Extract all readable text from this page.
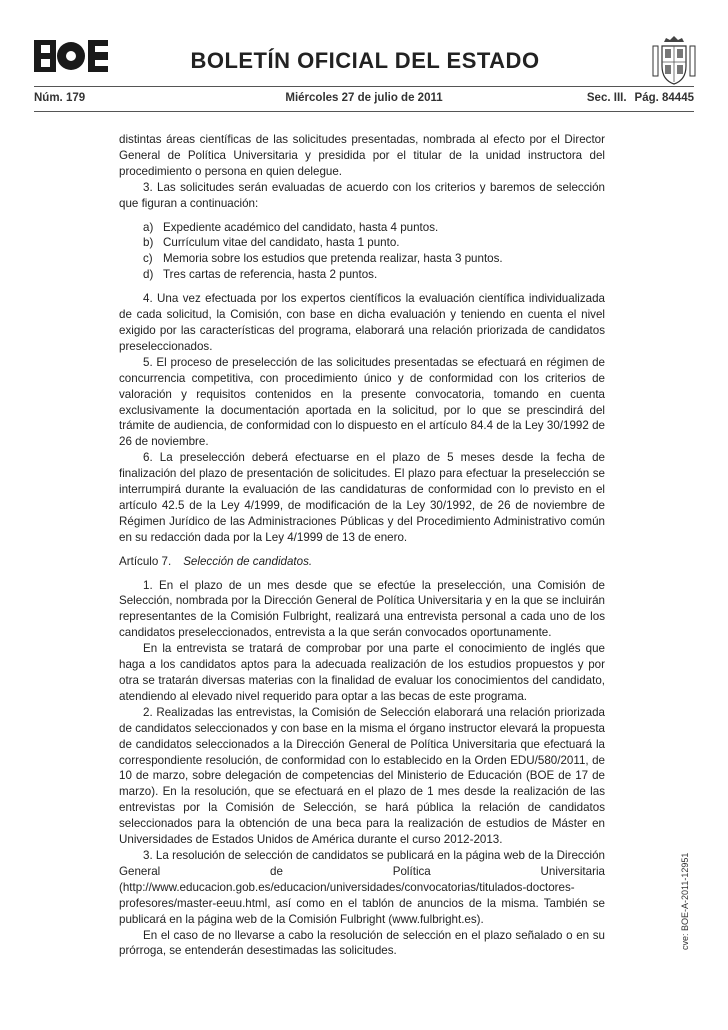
BOLETÍN OFICIAL DEL ESTADO
Núm. 179	Miércoles 27 de julio de 2011	Sec. III. Pág. 84445

distintas áreas científicas de las solicitudes presentadas, nombrada al efecto por el Director General de Política Universitaria y presidida por el titular de la unidad instructora del procedimiento o persona en quien delegue.

3. Las solicitudes serán evaluadas de acuerdo con los criterios y baremos de selección que figuran a continuación:

a) Expediente académico del candidato, hasta 4 puntos.
b) Currículum vitae del candidato, hasta 1 punto.
c) Memoria sobre los estudios que pretenda realizar, hasta 3 puntos.
d) Tres cartas de referencia, hasta 2 puntos.

4. Una vez efectuada por los expertos científicos la evaluación científica individualizada de cada solicitud, la Comisión, con base en dicha evaluación y teniendo en cuenta el nivel exigido por las características del programa, elaborará una relación priorizada de candidatos preseleccionados.

5. El proceso de preselección de las solicitudes presentadas se efectuará en régimen de concurrencia competitiva, con procedimiento único y de conformidad con los criterios de valoración y requisitos contenidos en la presente convocatoria, tomando en cuenta exclusivamente la documentación aportada en la solicitud, por lo que se prescindirá del trámite de audiencia, de conformidad con lo dispuesto en el artículo 84.4 de la Ley 30/1992 de 26 de noviembre.

6. La preselección deberá efectuarse en el plazo de 5 meses desde la fecha de finalización del plazo de presentación de solicitudes. El plazo para efectuar la preselección se interrumpirá durante la evaluación de las candidaturas de conformidad con lo previsto en el artículo 42.5 de la Ley 4/1999, de modificación de la Ley 30/1992, de 26 de noviembre de Régimen Jurídico de las Administraciones Públicas y del Procedimiento Administrativo común en su redacción dada por la Ley 4/1999 de 13 de enero.

Artículo 7. Selección de candidatos.

1. En el plazo de un mes desde que se efectúe la preselección, una Comisión de Selección, nombrada por la Dirección General de Política Universitaria y en la que se incluirán representantes de la Comisión Fulbright, realizará una entrevista personal a cada uno de los candidatos preseleccionados, entrevista a la que serán convocados oportunamente.

En la entrevista se tratará de comprobar por una parte el conocimiento de inglés que haga a los candidatos aptos para la adecuada realización de los estudios propuestos y por otra se tratarán diversas materias con la finalidad de evaluar los conocimientos del candidato, atendiendo al elevado nivel requerido para optar a las becas de este programa.

2. Realizadas las entrevistas, la Comisión de Selección elaborará una relación priorizada de candidatos seleccionados y con base en la misma el órgano instructor elevará la propuesta de candidatos seleccionados a la Dirección General de Política Universitaria que efectuará la correspondiente resolución, de conformidad con lo establecido en la Orden EDU/580/2011, de 10 de marzo, sobre delegación de competencias del Ministerio de Educación (BOE de 17 de marzo). En la resolución, que se efectuará en el plazo de 1 mes desde la realización de las entrevistas por la Comisión de Selección, se hará pública la relación de candidatos seleccionados para la obtención de una beca para la realización de estudios de Máster en Universidades de Estados Unidos de América durante el curso 2012-2013.

3. La resolución de selección de candidatos se publicará en la página web de la Dirección General de Política Universitaria (http://www.educacion.gob.es/educacion/universidades/convocatorias/titulados-doctores-profesores/master-eeuu.html, así como en el tablón de anuncios de la misma. También se publicará en la página web de la Comisión Fulbright (www.fulbright.es).

En el caso de no llevarse a cabo la resolución de selección en el plazo señalado o en su prórroga, se entenderán desestimadas las solicitudes.

cve: BOE-A-2011-12951
